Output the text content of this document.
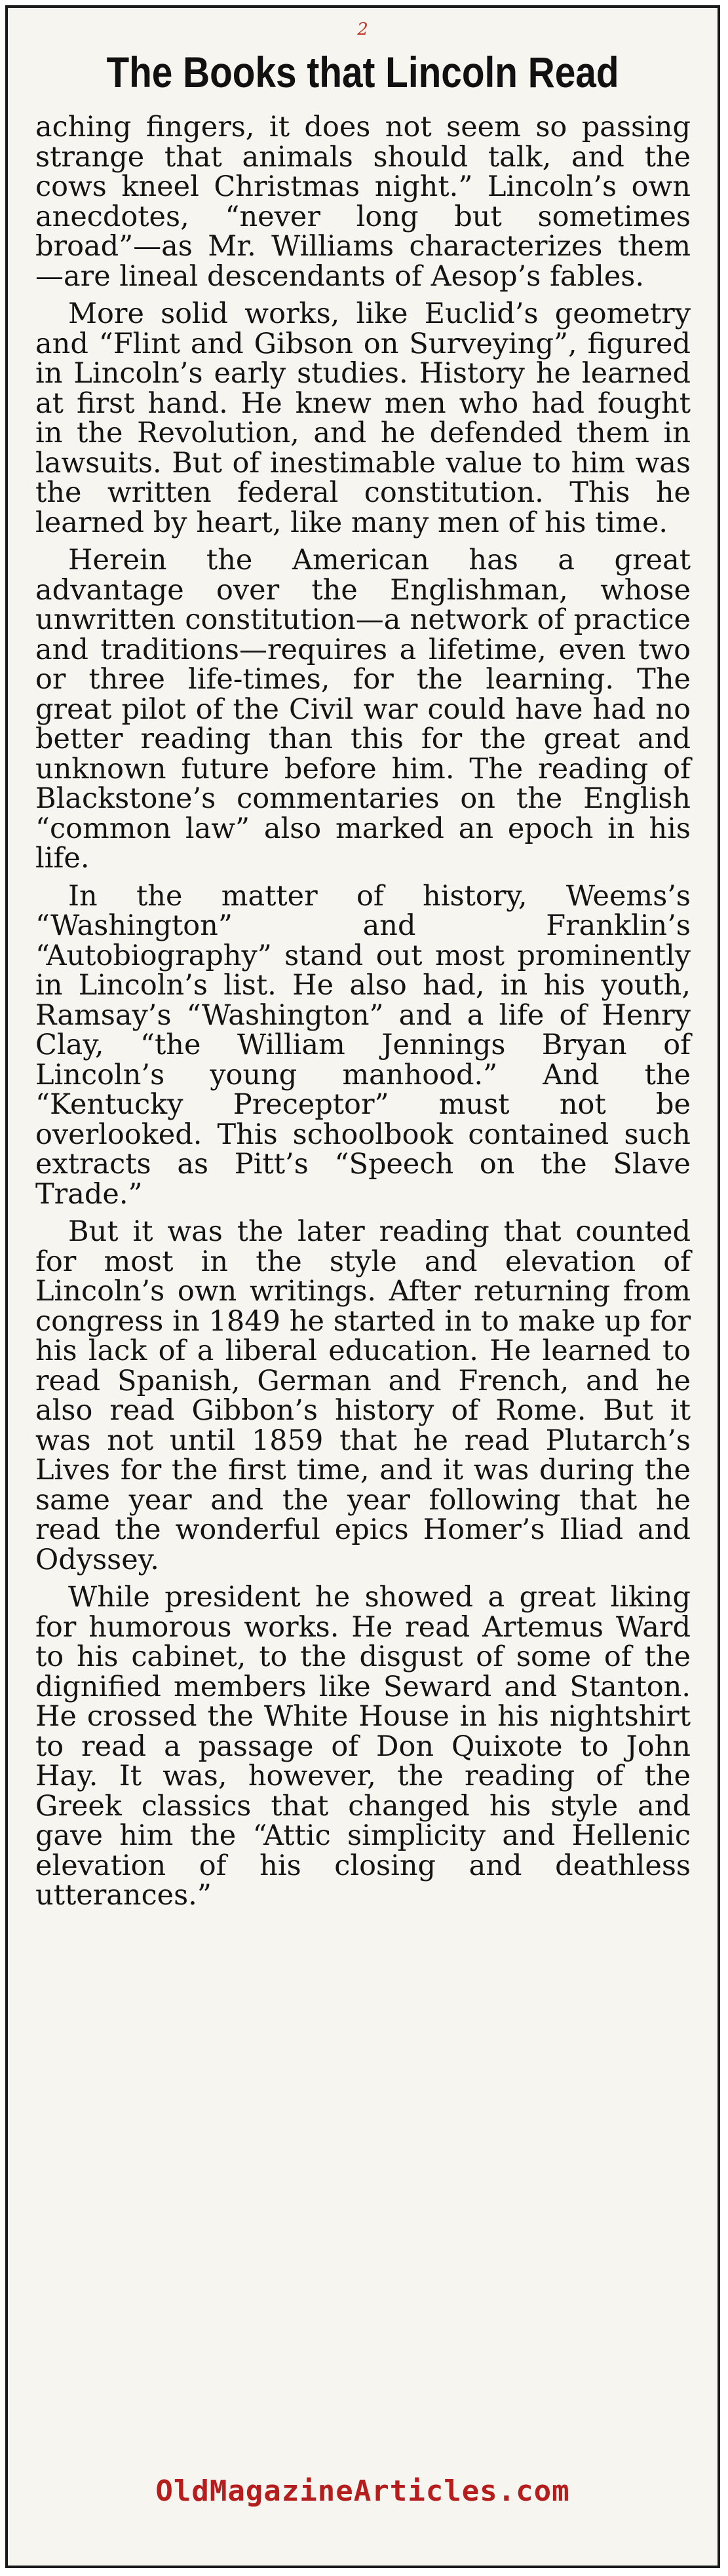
2
The Books that Lincoln Read

aching fingers, it does not seem so passing strange that animals should talk, and the cows kneel Christmas night.” Lincoln’s own anecdotes, “never long but sometimes broad”—as Mr. Williams characterizes them—are lineal descendants of Aesop’s fables.

More solid works, like Euclid’s geometry and “Flint and Gibson on Surveying”, figured in Lincoln’s early studies. History he learned at first hand. He knew men who had fought in the Revolution, and he defended them in lawsuits. But of inestimable value to him was the written federal constitution. This he learned by heart, like many men of his time.

Herein the American has a great advantage over the Englishman, whose unwritten constitution—a network of practice and traditions—requires a lifetime, even two or three life-times, for the learning. The great pilot of the Civil war could have had no better reading than this for the great and unknown future before him. The reading of Blackstone’s commentaries on the English “common law” also marked an epoch in his life.

In the matter of history, Weems’s “Washington” and Franklin’s “Autobiography” stand out most prominently in Lincoln’s list. He also had, in his youth, Ramsay’s “Washington” and a life of Henry Clay, “the William Jennings Bryan of Lincoln’s young manhood.” And the “Kentucky Preceptor” must not be overlooked. This schoolbook contained such extracts as Pitt’s “Speech on the Slave Trade.”

But it was the later reading that counted for most in the style and elevation of Lincoln’s own writings. After returning from congress in 1849 he started in to make up for his lack of a liberal education. He learned to read Spanish, German and French, and he also read Gibbon’s history of Rome. But it was not until 1859 that he read Plutarch’s Lives for the first time, and it was during the same year and the year following that he read the wonderful epics Homer’s Iliad and Odyssey.

While president he showed a great liking for humorous works. He read Artemus Ward to his cabinet, to the disgust of some of the dignified members like Seward and Stanton. He crossed the White House in his nightshirt to read a passage of Don Quixote to John Hay. It was, however, the reading of the Greek classics that changed his style and gave him the “Attic simplicity and Hellenic elevation of his closing and deathless utterances.”

OldMagazineArticles.com
